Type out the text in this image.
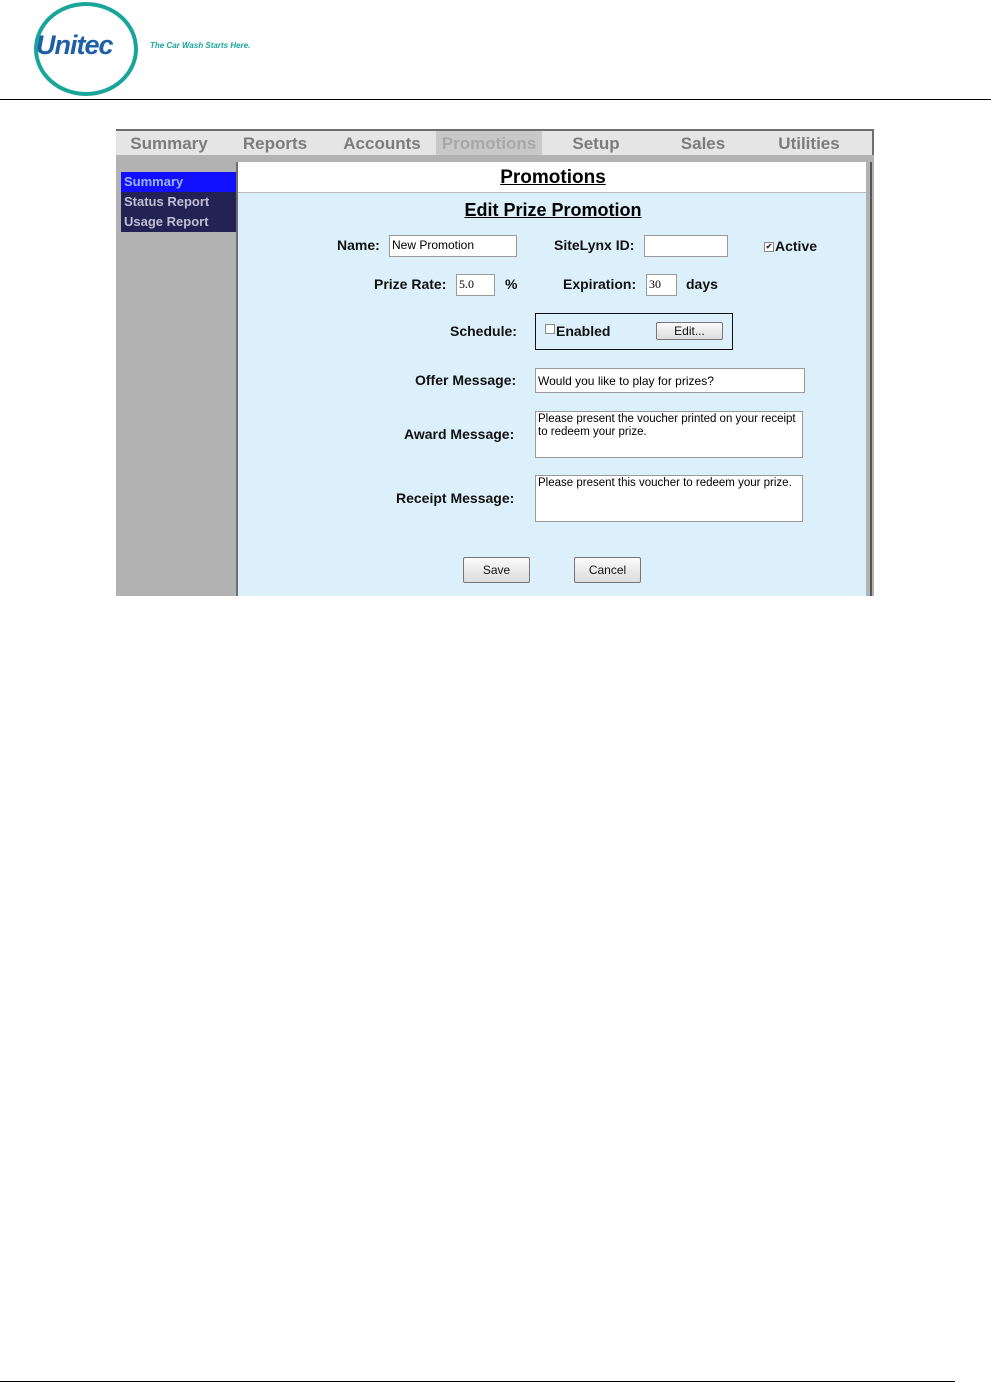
Unitec	The Car Wash Starts Here.
Summary	Reports	Accounts	Promotions	Setup	Sales	Utilities
Summary
Status Report
Usage Report
Promotions
Edit Prize Promotion
Name: New Promotion	SiteLynx ID:	✔ Active
Prize Rate: 5.0	%	Expiration: 30	days
Schedule:	Enabled	Edit...
Offer Message: Would you like to play for prizes?
Award Message:
Please present the voucher printed on your receipt to redeem your prize.
Receipt Message:
Please present this voucher to redeem your prize.
Save	Cancel
